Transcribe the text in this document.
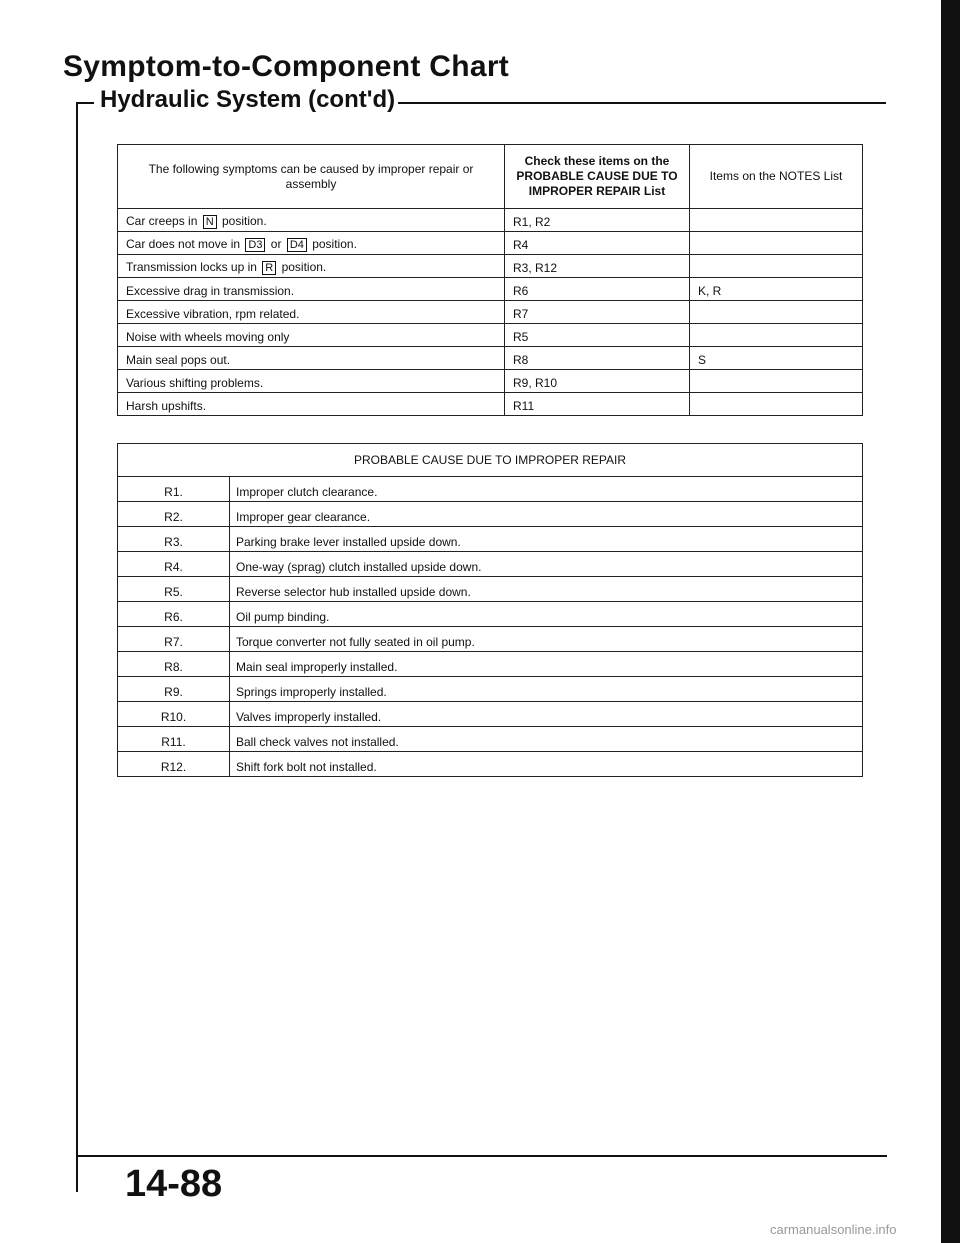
Symptom-to-Component Chart
Hydraulic System (cont'd)
The following symptoms can be caused by improper repair or assembly	Check these items on the PROBABLE CAUSE DUE TO IMPROPER REPAIR List	Items on the NOTES List
Car creeps in N position.	R1, R2	
Car does not move in D3 or D4 position.	R4	
Transmission locks up in R position.	R3, R12	
Excessive drag in transmission.	R6	K, R
Excessive vibration, rpm related.	R7	
Noise with wheels moving only	R5	
Main seal pops out.	R8	S
Various shifting problems.	R9, R10	
Harsh upshifts.	R11	
PROBABLE CAUSE DUE TO IMPROPER REPAIR	
R1.	Improper clutch clearance.
R2.	Improper gear clearance.
R3.	Parking brake lever installed upside down.
R4.	One-way (sprag) clutch installed upside down.
R5.	Reverse selector hub installed upside down.
R6.	Oil pump binding.
R7.	Torque converter not fully seated in oil pump.
R8.	Main seal improperly installed.
R9.	Springs improperly installed.
R10.	Valves improperly installed.
R11.	Ball check valves not installed.
R12.	Shift fork bolt not installed.

14-88

carmanualsonline.info
